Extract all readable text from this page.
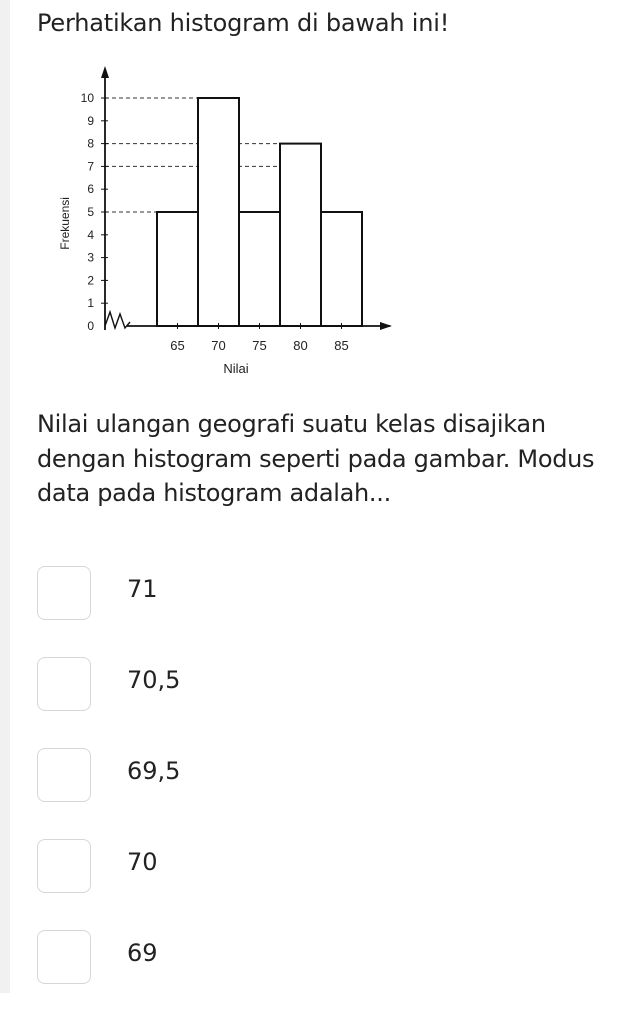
Perhatikan histogram di bawah ini!
0
1
2
3
4
5
6
7
8
9
10
65 70 75 80 85
Nilai
Frekuensi
Nilai ulangan geografi suatu kelas disajikan dengan histogram seperti pada gambar. Modus data pada histogram adalah...
71
70,5
69,5
70
69
